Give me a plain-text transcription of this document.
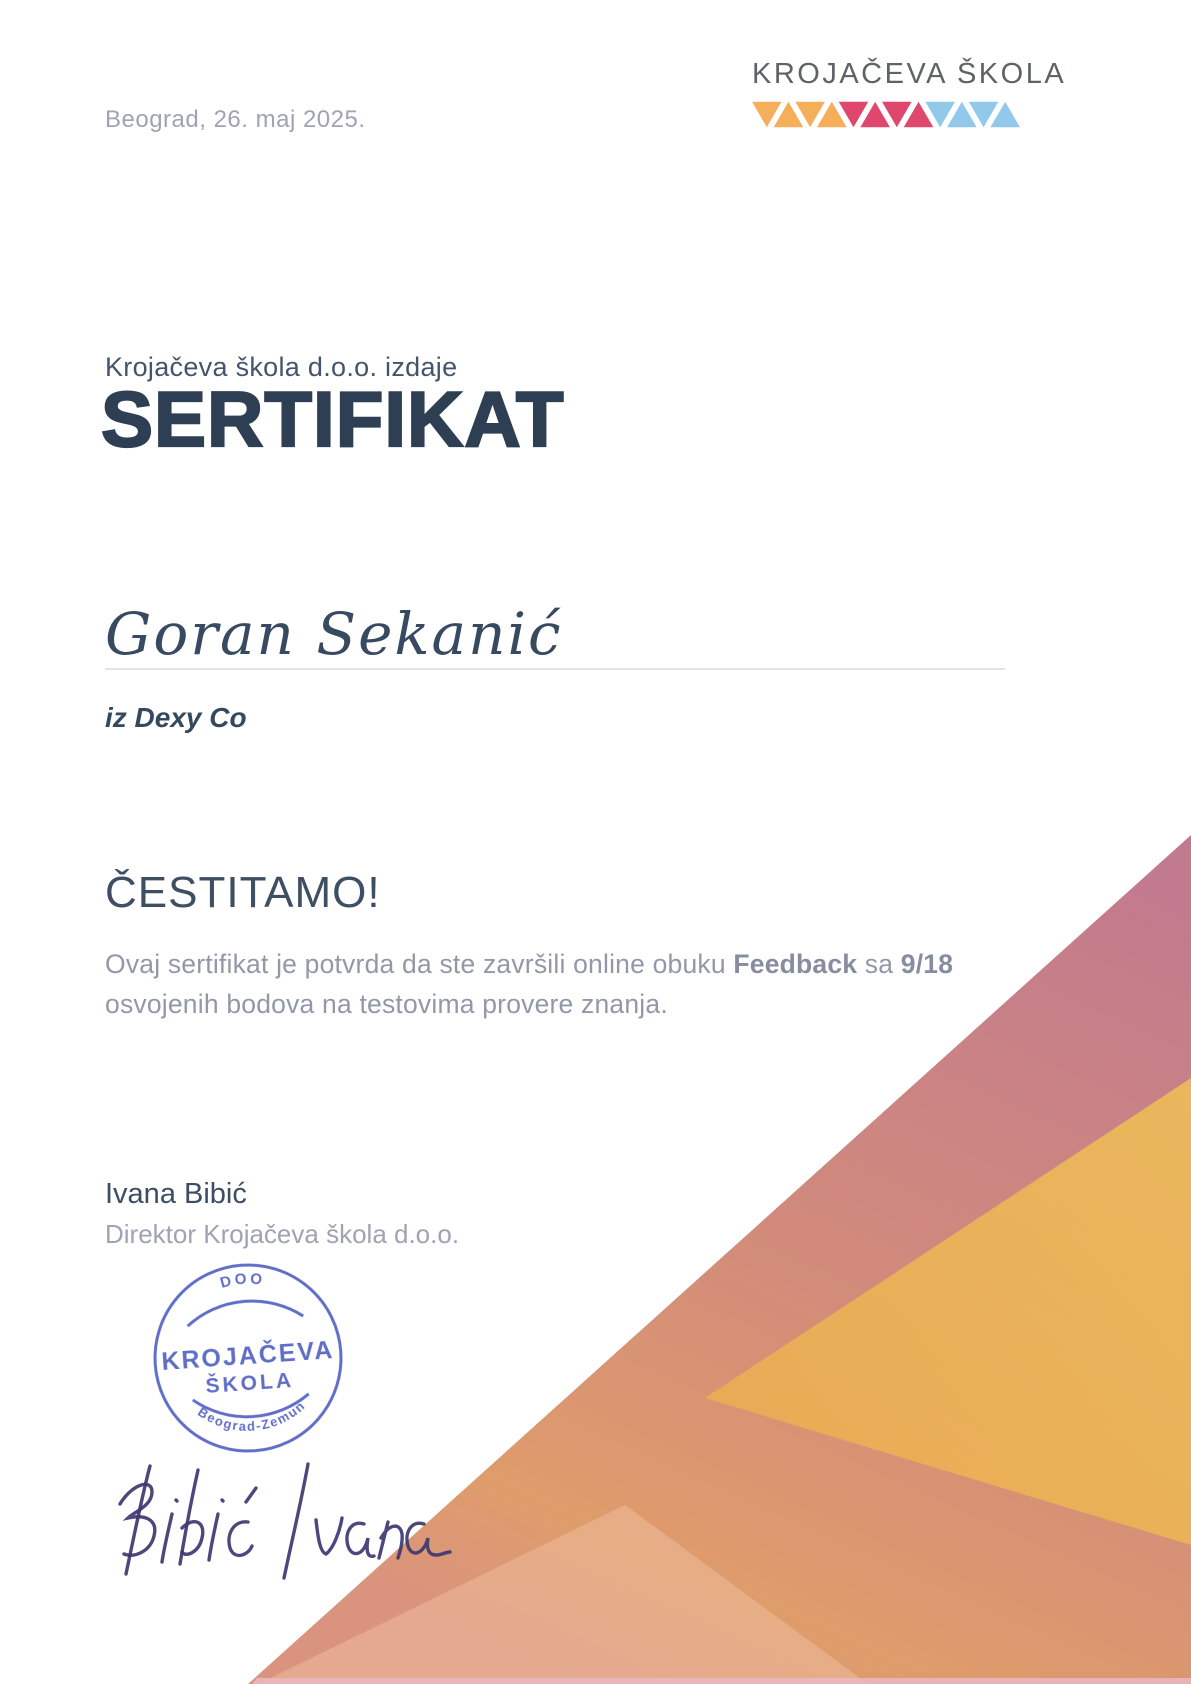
Beograd, 26. maj 2025.
KROJAČEVA ŠKOLA
Krojačeva škola d.o.o. izdaje
SERTIFIKAT
Goran Sekanić
iz Dexy Co
ČESTITAMO!
Ovaj sertifikat je potvrda da ste završili online obuku Feedback sa 9/18
osvojenih bodova na testovima provere znanja.
Ivana Bibić
Direktor Krojačeva škola d.o.o.
DOO
KROJAČEVA
ŠKOLA
Beograd-Zemun
